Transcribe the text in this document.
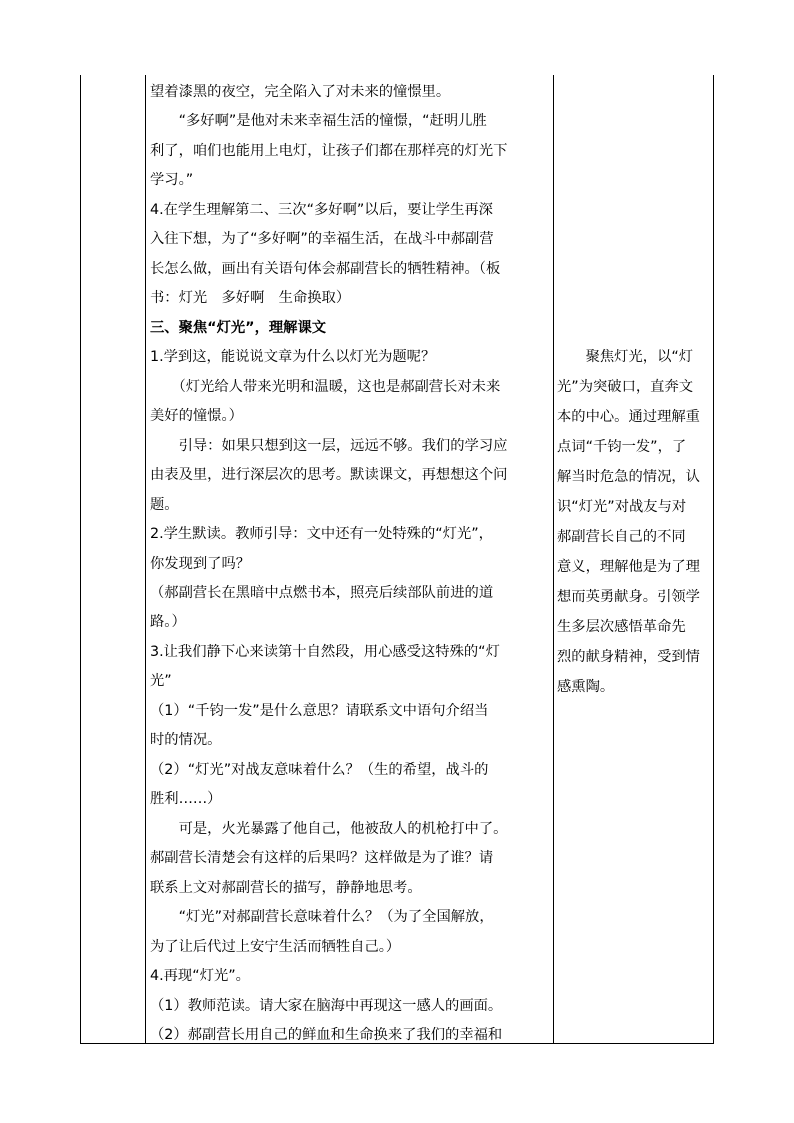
望着漆黑的夜空，完全陷入了对未来的憧憬里。
　　“多好啊”是他对未来幸福生活的憧憬，“赶明儿胜
利了，咱们也能用上电灯，让孩子们都在那样亮的灯光下
学习。”
4.在学生理解第二、三次“多好啊”以后，要让学生再深
入往下想，为了“多好啊”的幸福生活，在战斗中郝副营
长怎么做，画出有关语句体会郝副营长的牺牲精神。（板
书：灯光　多好啊　生命换取）
三、聚焦“灯光”，理解课文
1.学到这，能说说文章为什么以灯光为题呢？
　　（灯光给人带来光明和温暖，这也是郝副营长对未来
美好的憧憬。）
　　引导：如果只想到这一层，远远不够。我们的学习应
由表及里，进行深层次的思考。默读课文，再想想这个问
题。
2.学生默读。教师引导：文中还有一处特殊的“灯光”，
你发现到了吗？
（郝副营长在黑暗中点燃书本，照亮后续部队前进的道
路。）
3.让我们静下心来读第十自然段，用心感受这特殊的“灯
光”
（1）“千钧一发”是什么意思？请联系文中语句介绍当
时的情况。
（2）“灯光”对战友意味着什么？（生的希望，战斗的
胜利……）
　　可是，火光暴露了他自己，他被敌人的机枪打中了。
郝副营长清楚会有这样的后果吗？这样做是为了谁？请
联系上文对郝副营长的描写，静静地思考。
　　“灯光”对郝副营长意味着什么？（为了全国解放，
为了让后代过上安宁生活而牺牲自己。）
4.再现“灯光”。
（1）教师范读。请大家在脑海中再现这一感人的画面。
（2）郝副营长用自己的鲜血和生命换来了我们的幸福和
　　聚焦灯光，以“灯
光”为突破口，直奔文
本的中心。通过理解重
点词“千钧一发”，了
解当时危急的情况，认
识“灯光”对战友与对
郝副营长自己的不同
意义，理解他是为了理
想而英勇献身。引领学
生多层次感悟革命先
烈的献身精神，受到情
感熏陶。
